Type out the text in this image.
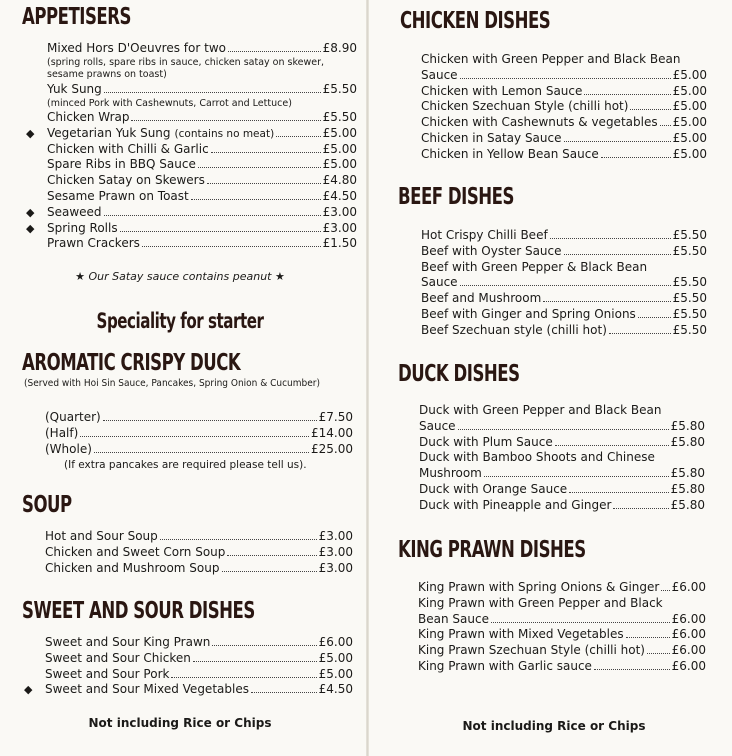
APPETISERS
Mixed Hors D'Oeuvres for two	£8.90
(spring rolls, spare ribs in sauce, chicken satay on skewer, sesame prawns on toast)
Yuk Sung	£5.50
(minced Pork with Cashewnuts, Carrot and Lettuce)
Chicken Wrap	£5.50
◆ Vegetarian Yuk Sung (contains no meat)	£5.00
Chicken with Chilli & Garlic	£5.00
Spare Ribs in BBQ Sauce	£5.00
Chicken Satay on Skewers	£4.80
Sesame Prawn on Toast	£4.50
◆ Seaweed	£3.00
◆ Spring Rolls	£3.00
Prawn Crackers	£1.50
★ Our Satay sauce contains peanut ★
Speciality for starter
AROMATIC CRISPY DUCK
(Served with Hoi Sin Sauce, Pancakes, Spring Onion & Cucumber)
(Quarter)	£7.50
(Half)	£14.00
(Whole)	£25.00
(If extra pancakes are required please tell us).
SOUP
Hot and Sour Soup	£3.00
Chicken and Sweet Corn Soup	£3.00
Chicken and Mushroom Soup	£3.00
SWEET AND SOUR DISHES
Sweet and Sour King Prawn	£6.00
Sweet and Sour Chicken	£5.00
Sweet and Sour Pork	£5.00
◆ Sweet and Sour Mixed Vegetables	£4.50
Not including Rice or Chips
CHICKEN DISHES
Chicken with Green Pepper and Black Bean
Sauce	£5.00
Chicken with Lemon Sauce	£5.00
Chicken Szechuan Style (chilli hot)	£5.00
Chicken with Cashewnuts & vegetables £5.00
Chicken in Satay Sauce	£5.00
Chicken in Yellow Bean Sauce	£5.00
BEEF DISHES
Hot Crispy Chilli Beef	£5.50
Beef with Oyster Sauce	£5.50
Beef with Green Pepper & Black Bean
Sauce	£5.50
Beef and Mushroom	£5.50
Beef with Ginger and Spring Onions	£5.50
Beef Szechuan style (chilli hot)	£5.50
DUCK DISHES
Duck with Green Pepper and Black Bean
Sauce	£5.80
Duck with Plum Sauce	£5.80
Duck with Bamboo Shoots and Chinese
Mushroom	£5.80
Duck with Orange Sauce	£5.80
Duck with Pineapple and Ginger	£5.80
KING PRAWN DISHES
King Prawn with Spring Onions & Ginger £6.00
King Prawn with Green Pepper and Black
Bean Sauce	£6.00
King Prawn with Mixed Vegetables	£6.00
King Prawn Szechuan Style (chilli hot) £6.00
King Prawn with Garlic sauce	£6.00
Not including Rice or Chips
